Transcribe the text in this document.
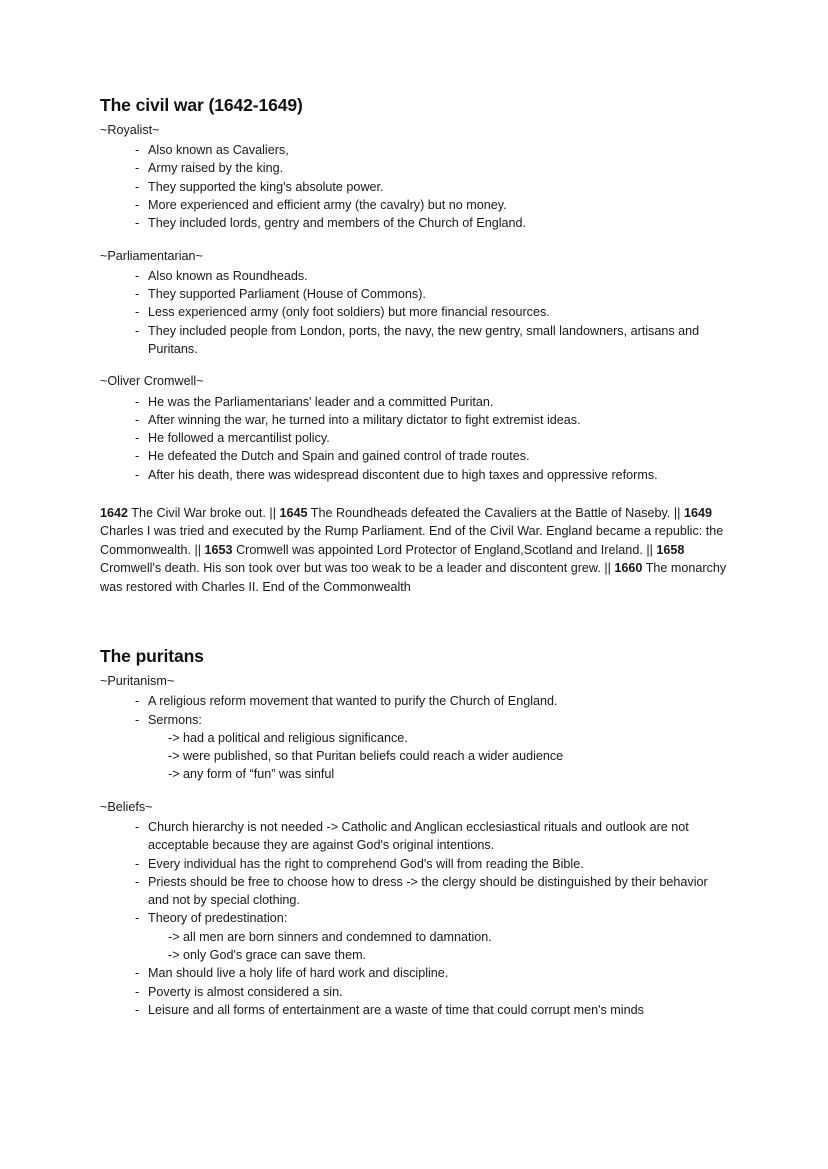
The civil war (1642-1649)
~Royalist~
- Also known as Cavaliers,
- Army raised by the king.
- They supported the king's absolute power.
- More experienced and efficient army (the cavalry) but no money.
- They included lords, gentry and members of the Church of England.
~Parliamentarian~
- Also known as Roundheads.
- They supported Parliament (House of Commons).
- Less experienced army (only foot soldiers) but more financial resources.
- They included people from London, ports, the navy, the new gentry, small landowners, artisans and Puritans.
~Oliver Cromwell~
- He was the Parliamentarians' leader and a committed Puritan.
- After winning the war, he turned into a military dictator to fight extremist ideas.
- He followed a mercantilist policy.
- He defeated the Dutch and Spain and gained control of trade routes.
- After his death, there was widespread discontent due to high taxes and oppressive reforms.

1642 The Civil War broke out. || 1645 The Roundheads defeated the Cavaliers at the Battle of Naseby. || 1649 Charles I was tried and executed by the Rump Parliament. End of the Civil War. England became a republic: the Commonwealth. || 1653 Cromwell was appointed Lord Protector of England,Scotland and Ireland. || 1658 Cromwell's death. His son took over but was too weak to be a leader and discontent grew. || 1660 The monarchy was restored with Charles II. End of the Commonwealth

The puritans
~Puritanism~
- A religious reform movement that wanted to purify the Church of England.
- Sermons:
-> had a political and religious significance.
-> were published, so that Puritan beliefs could reach a wider audience
-> any form of “fun” was sinful
~Beliefs~
- Church hierarchy is not needed -> Catholic and Anglican ecclesiastical rituals and outlook are not acceptable because they are against God's original intentions.
- Every individual has the right to comprehend God's will from reading the Bible.
- Priests should be free to choose how to dress -> the clergy should be distinguished by their behavior and not by special clothing.
- Theory of predestination:
-> all men are born sinners and condemned to damnation.
-> only God's grace can save them.
- Man should live a holy life of hard work and discipline.
- Poverty is almost considered a sin.
- Leisure and all forms of entertainment are a waste of time that could corrupt men's minds
